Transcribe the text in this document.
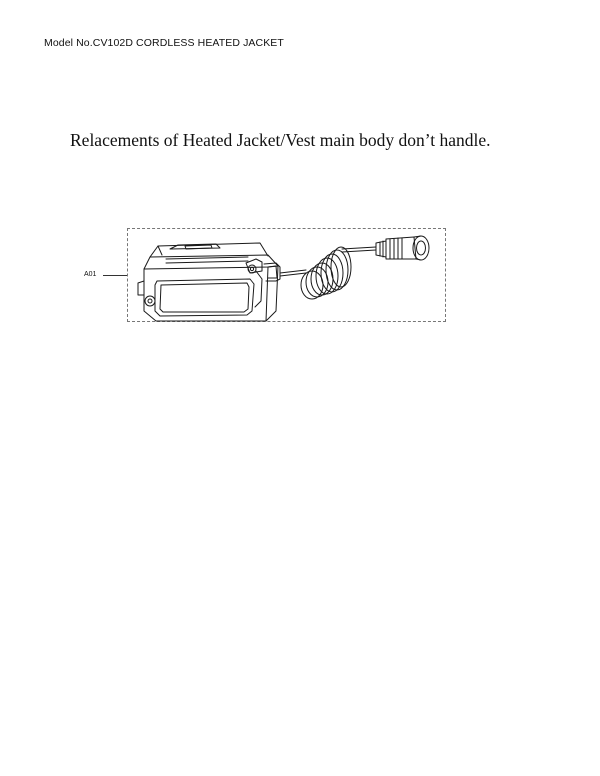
Model No.CV102D CORDLESS HEATED JACKET
Relacements of Heated Jacket/Vest main body don’t handle.
A01
